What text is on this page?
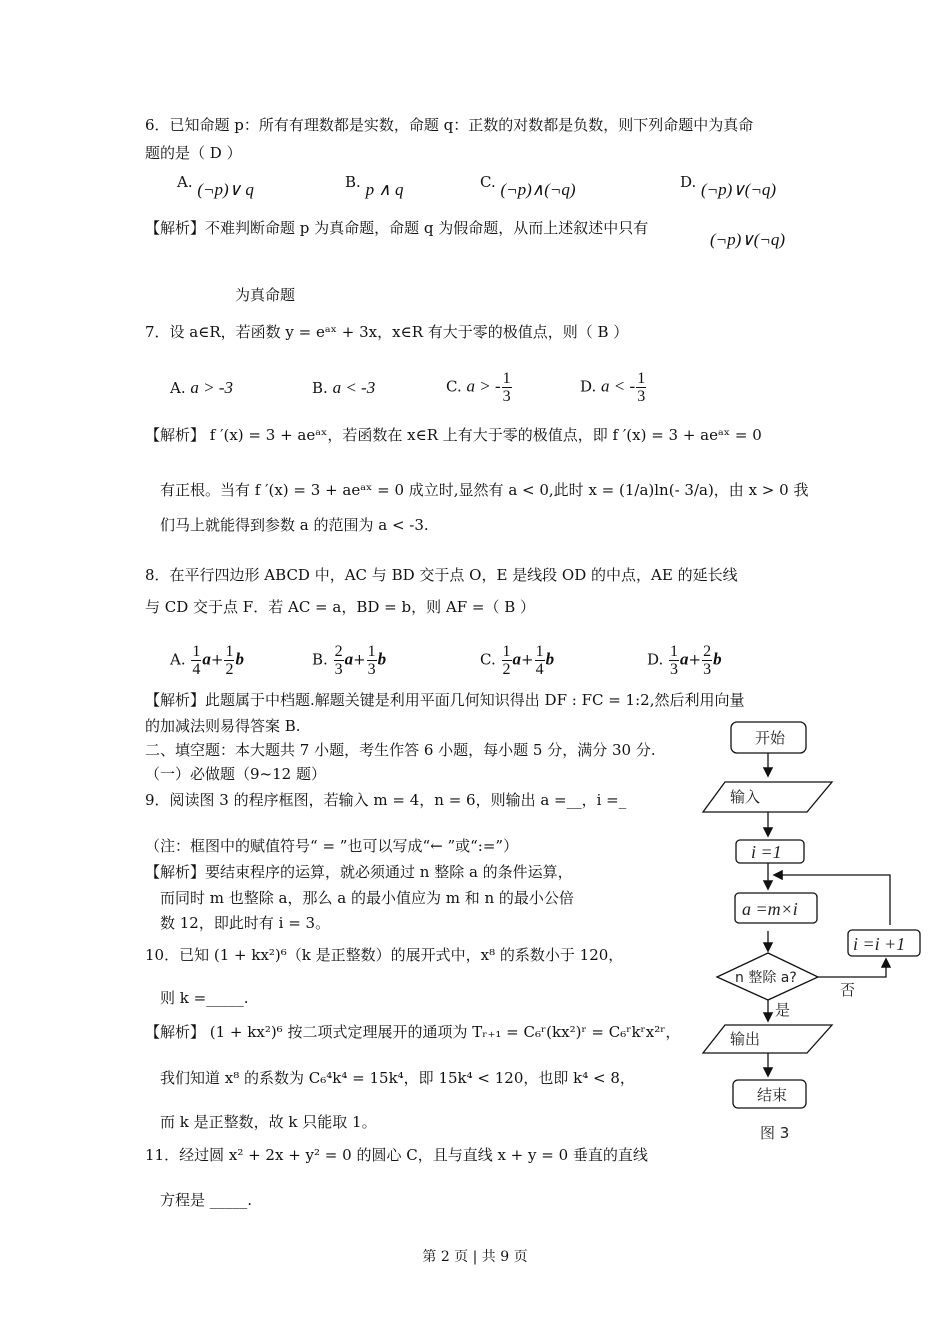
6．已知命题 p：所有有理数都是实数，命题 q：正数的对数都是负数，则下列命题中为真命
题的是（ D ）
A. (¬p)∨ q	B. p ∧ q	C. (¬p)∧(¬q)	D. (¬p)∨(¬q)
【解析】不难判断命题 p 为真命题，命题 q 为假命题，从而上述叙述中只有
(¬p)∨(¬q)
为真命题
7．设 a∈R，若函数 y = eᵃˣ + 3x，x∈R 有大于零的极值点，则（ B ）
A. a > -3	B. a < -3	C. a > - $\frac{1}{3}$	D. a < - $\frac{1}{3}$
【解析】 f ′(x) = 3 + aeᵃˣ，若函数在 x∈R 上有大于零的极值点，即 f ′(x) = 3 + aeᵃˣ = 0
有正根。当有 f ′(x) = 3 + aeᵃˣ = 0 成立时,显然有 a < 0,此时 x = (1/a)ln(- 3/a)，由 x > 0 我
们马上就能得到参数 a 的范围为 a < -3.
8．在平行四边形 ABCD 中，AC 与 BD 交于点 O，E 是线段 OD 的中点，AE 的延长线
与 CD 交于点 F．若 AC = a，BD = b，则 AF =（ B ）
A. $\frac{1}{4} a+ \frac{1}{2}$ b	B. $\frac{2}{3} a+ \frac{1}{3}$ b	C. $\frac{1}{2} a+ \frac{1}{4}$ b	D. $\frac{1}{3} a+ \frac{2}{3}$ b
【解析】此题属于中档题.解题关键是利用平面几何知识得出 DF : FC = 1:2,然后利用向量
的加减法则易得答案 B.
二、填空题：本大题共 7 小题，考生作答 6 小题，每小题 5 分，满分 30 分.
（一）必做题（9~12 题）
9．阅读图 3 的程序框图，若输入 m = 4，n = 6，则输出 a =__，i =_
（注：框图中的赋值符号“ = ”也可以写成“← ”或“:=”）
【解析】要结束程序的运算，就必须通过 n 整除 a 的条件运算，
而同时 m 也整除 a，那么 a 的最小值应为 m 和 n 的最小公倍
数 12，即此时有 i = 3。
10．已知 (1 + kx²)⁶（k 是正整数）的展开式中，x⁸ 的系数小于 120，
则 k =_____.
【解析】 (1 + kx²)⁶ 按二项式定理展开的通项为 Tᵣ₊₁ = C₆ʳ(kx²)ʳ = C₆ʳkʳx²ʳ，
我们知道 x⁸ 的系数为 C₆⁴k⁴ = 15k⁴，即 15k⁴ < 120，也即 k⁴ < 8，
而 k 是正整数，故 k 只能取 1。
11．经过圆 x² + 2x + y² = 0 的圆心 C，且与直线 x + y = 0 垂直的直线
方程是 _____.
开始
输入
i =1
a =m×i
n 整除 a?
i =i +1
否
是
输出
结束
图 3
第 2 页 | 共 9 页
